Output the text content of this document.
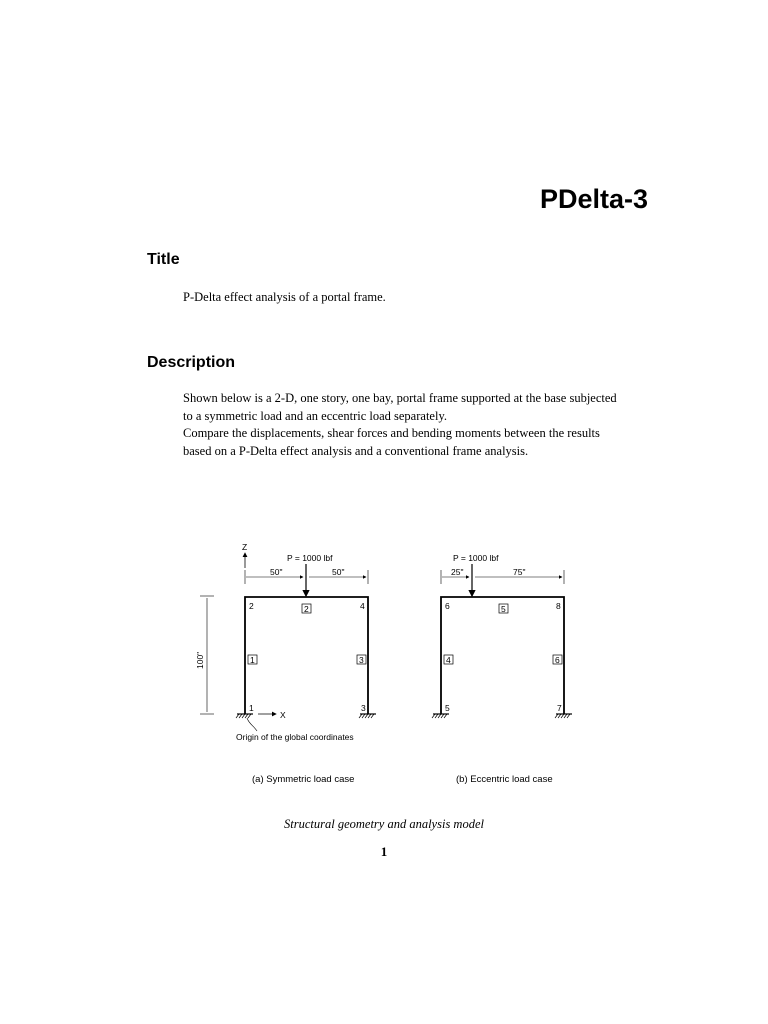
PDelta-3
Title
P-Delta effect analysis of a portal frame.
Description

Shown below is a 2-D, one story, one bay, portal frame supported at the base subjected

to a symmetric load and an eccentric load separately.

Compare the displacements, shear forces and bending moments between the results

based on a P-Delta effect analysis and a conventional frame analysis.

Z
P = 1000 lbf
50"	50"
100"
X
Origin of the global coordinates
2	4
1	3
2
1	3
(a) Symmetric load case
P = 1000 lbf
25"	75"
6	8
5	7
5
4	6
(b) Eccentric load case
Structural geometry and analysis model
1
